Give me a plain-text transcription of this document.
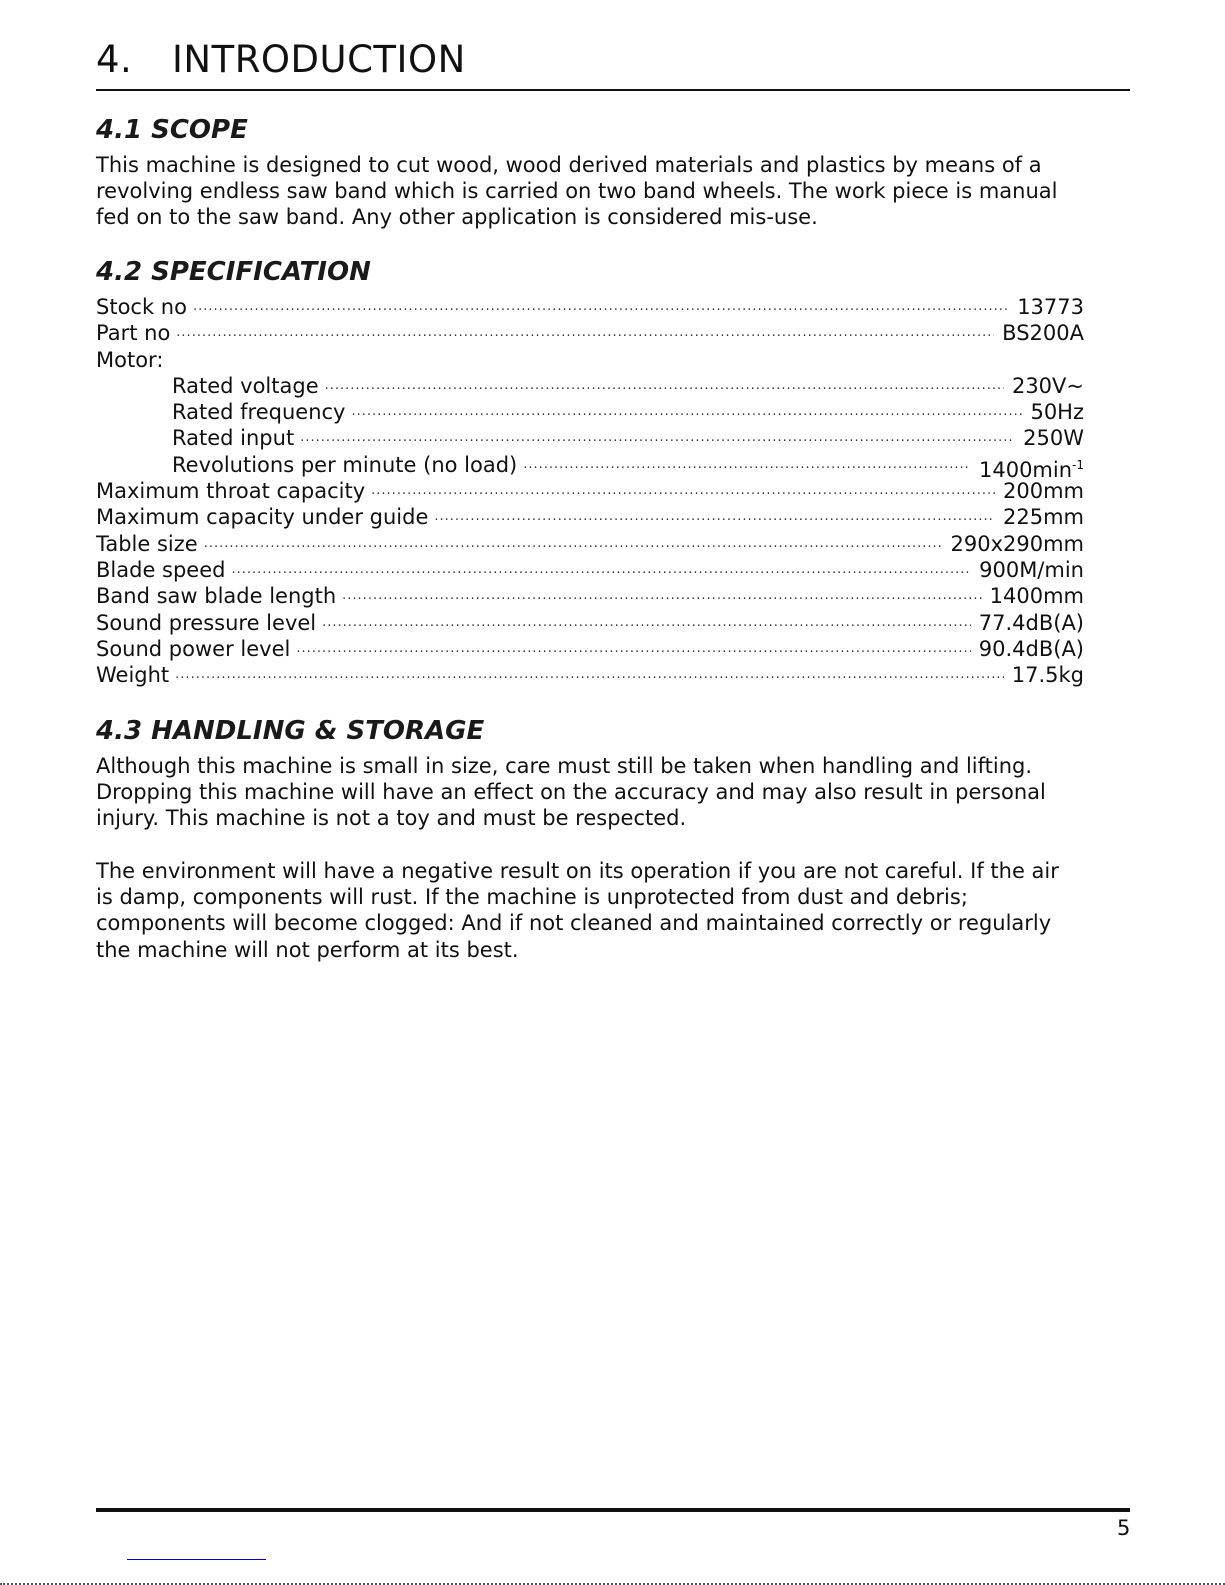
4. INTRODUCTION
4.1 SCOPE
This machine is designed to cut wood, wood derived materials and plastics by means of a
revolving endless saw band which is carried on two band wheels. The work piece is manual
fed on to the saw band. Any other application is considered mis-use.
4.2 SPECIFICATION
Stock no .....	13773
Part no .....	BS200A
Motor:
Rated voltage .....	230V~
Rated frequency .....	50Hz
Rated input .....	250W
Revolutions per minute (no load) .....	$1400\min^{-1}$
Maximum throat capacity .....	200mm
Maximum capacity under guide .....	225mm
Table size .....	290x290mm
Blade speed .....	900M/min
Band saw blade length .....	1400mm
Sound pressure level .....	77.4dB(A)
Sound power level .....	90.4dB(A)
Weight .....	17.5kg
4.3 HANDLING & STORAGE
Although this machine is small in size, care must still be taken when handling and lifting.
Dropping this machine will have an effect on the accuracy and may also result in personal
injury. This machine is not a toy and must be respected.
The environment will have a negative result on its operation if you are not careful. If the air
is damp, components will rust. If the machine is unprotected from dust and debris;
components will become clogged: And if not cleaned and maintained correctly or regularly
the machine will not perform at its best.
5
